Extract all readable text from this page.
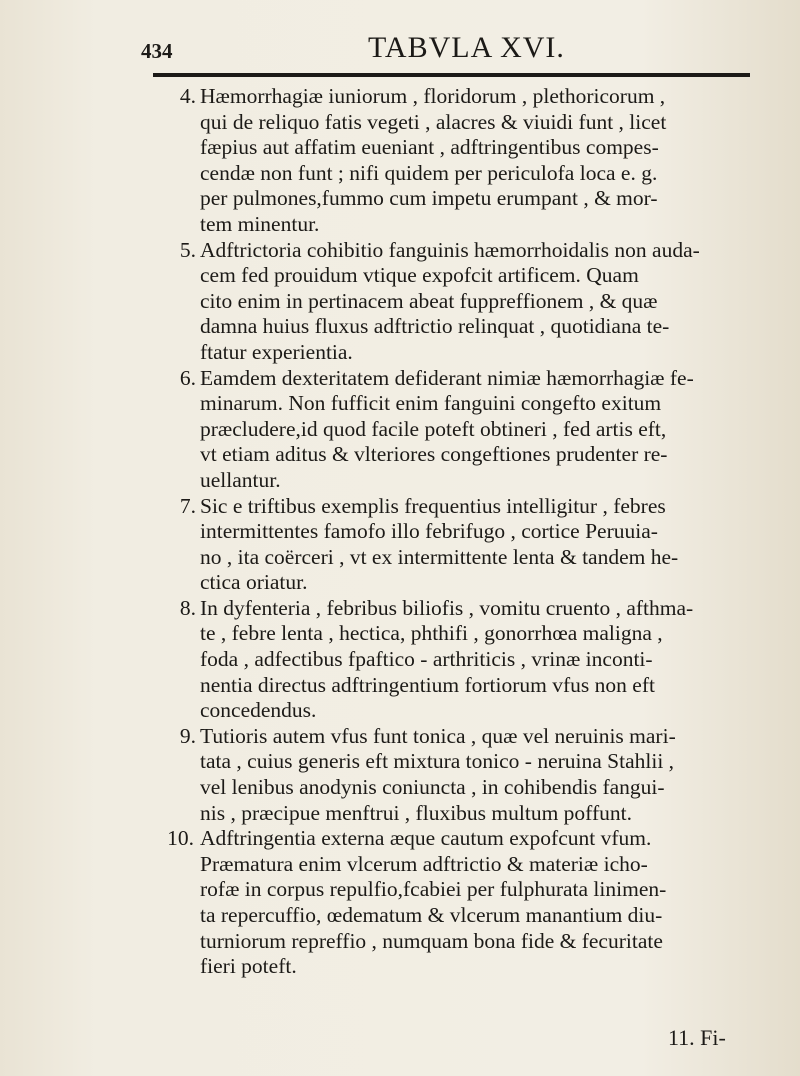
434	TABVLA XVI.
4. Hæmorrhagiæ iuniorum , floridorum , plethoricorum ,
qui de reliquo fatis vegeti , alacres & viuidi funt , licet
fæpius aut affatim eueniant , adftringentibus compes-
cendæ non funt ; nifi quidem per periculofa loca e. g.
per pulmones,fummo cum impetu erumpant , & mor-
tem minentur.
5. Adftrictoria cohibitio fanguinis hæmorrhoidalis non auda-
cem fed prouidum vtique expofcit artificem. Quam
cito enim in pertinacem abeat fuppreffionem , & quæ
damna huius fluxus adftrictio relinquat , quotidiana te-
ftatur experientia.
6. Eamdem dexteritatem defiderant nimiæ hæmorrhagiæ fe-
minarum. Non fufficit enim fanguini congefto exitum
præcludere,id quod facile poteft obtineri , fed artis eft,
vt etiam aditus & vlteriores congeftiones prudenter re-
uellantur.
7. Sic e triftibus exemplis frequentius intelligitur , febres
intermittentes famofo illo febrifugo , cortice Peruuia-
no , ita coërceri , vt ex intermittente lenta & tandem he-
ctica oriatur.
8. In dyfenteria , febribus biliofis , vomitu cruento , afthma-
te , febre lenta , hectica, phthifi , gonorrhœa maligna ,
foda , adfectibus fpaftico - arthriticis , vrinæ inconti-
nentia directus adftringentium fortiorum vfus non eft
concedendus.
9. Tutioris autem vfus funt tonica , quæ vel neruinis mari-
tata , cuius generis eft mixtura tonico - neruina Stahlii ,
vel lenibus anodynis coniuncta , in cohibendis fangui-
nis , præcipue menftrui , fluxibus multum poffunt.
10. Adftringentia externa æque cautum expofcunt vfum.
Præmatura enim vlcerum adftrictio & materiæ icho-
rofæ in corpus repulfio,fcabiei per fulphurata linimen-
ta repercuffio, œdematum & vlcerum manantium diu-
turniorum repreffio , numquam bona fide & fecuritate
fieri poteft.
11. Fi-
